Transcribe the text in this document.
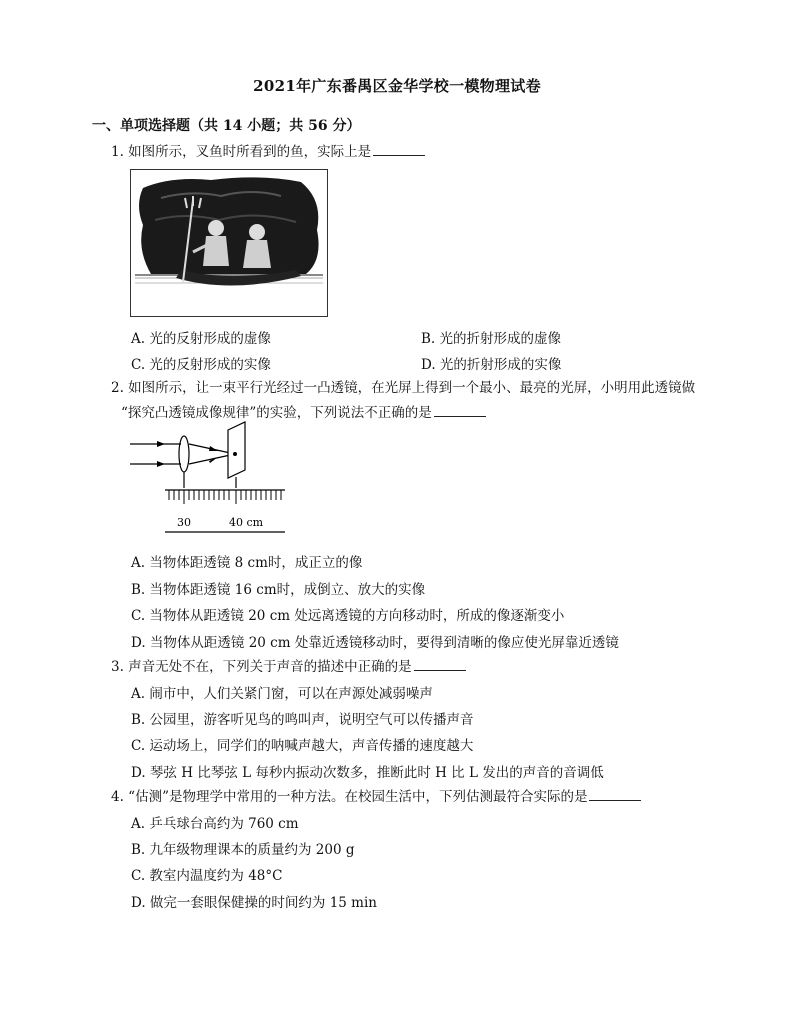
2021年广东番禺区金华学校一模物理试卷
一、单项选择题（共 14 小题；共 56 分）
1. 如图所示，叉鱼时所看到的鱼，实际上是
A. 光的反射形成的虚像	B. 光的折射形成的虚像
C. 光的反射形成的实像	D. 光的折射形成的实像
2. 如图所示，让一束平行光经过一凸透镜，在光屏上得到一个最小、最亮的光屏，小明用此透镜做
“探究凸透镜成像规律”的实验，下列说法不正确的是
30	40 cm
A. 当物体距透镜 8 cm时，成正立的像
B. 当物体距透镜 16 cm时，成倒立、放大的实像
C. 当物体从距透镜 20 cm 处远离透镜的方向移动时，所成的像逐渐变小
D. 当物体从距透镜 20 cm 处靠近透镜移动时，要得到清晰的像应使光屏靠近透镜
3. 声音无处不在，下列关于声音的描述中正确的是
A. 闹市中，人们关紧门窗，可以在声源处减弱噪声
B. 公园里，游客听见鸟的鸣叫声，说明空气可以传播声音
C. 运动场上，同学们的呐喊声越大，声音传播的速度越大
D. 琴弦 H 比琴弦 L 每秒内振动次数多，推断此时 H 比 L 发出的声音的音调低
4. “估测”是物理学中常用的一种方法。在校园生活中，下列估测最符合实际的是
A. 乒乓球台高约为 760 cm
B. 九年级物理课本的质量约为 200 g
C. 教室内温度约为 48°C
D. 做完一套眼保健操的时间约为 15 min
